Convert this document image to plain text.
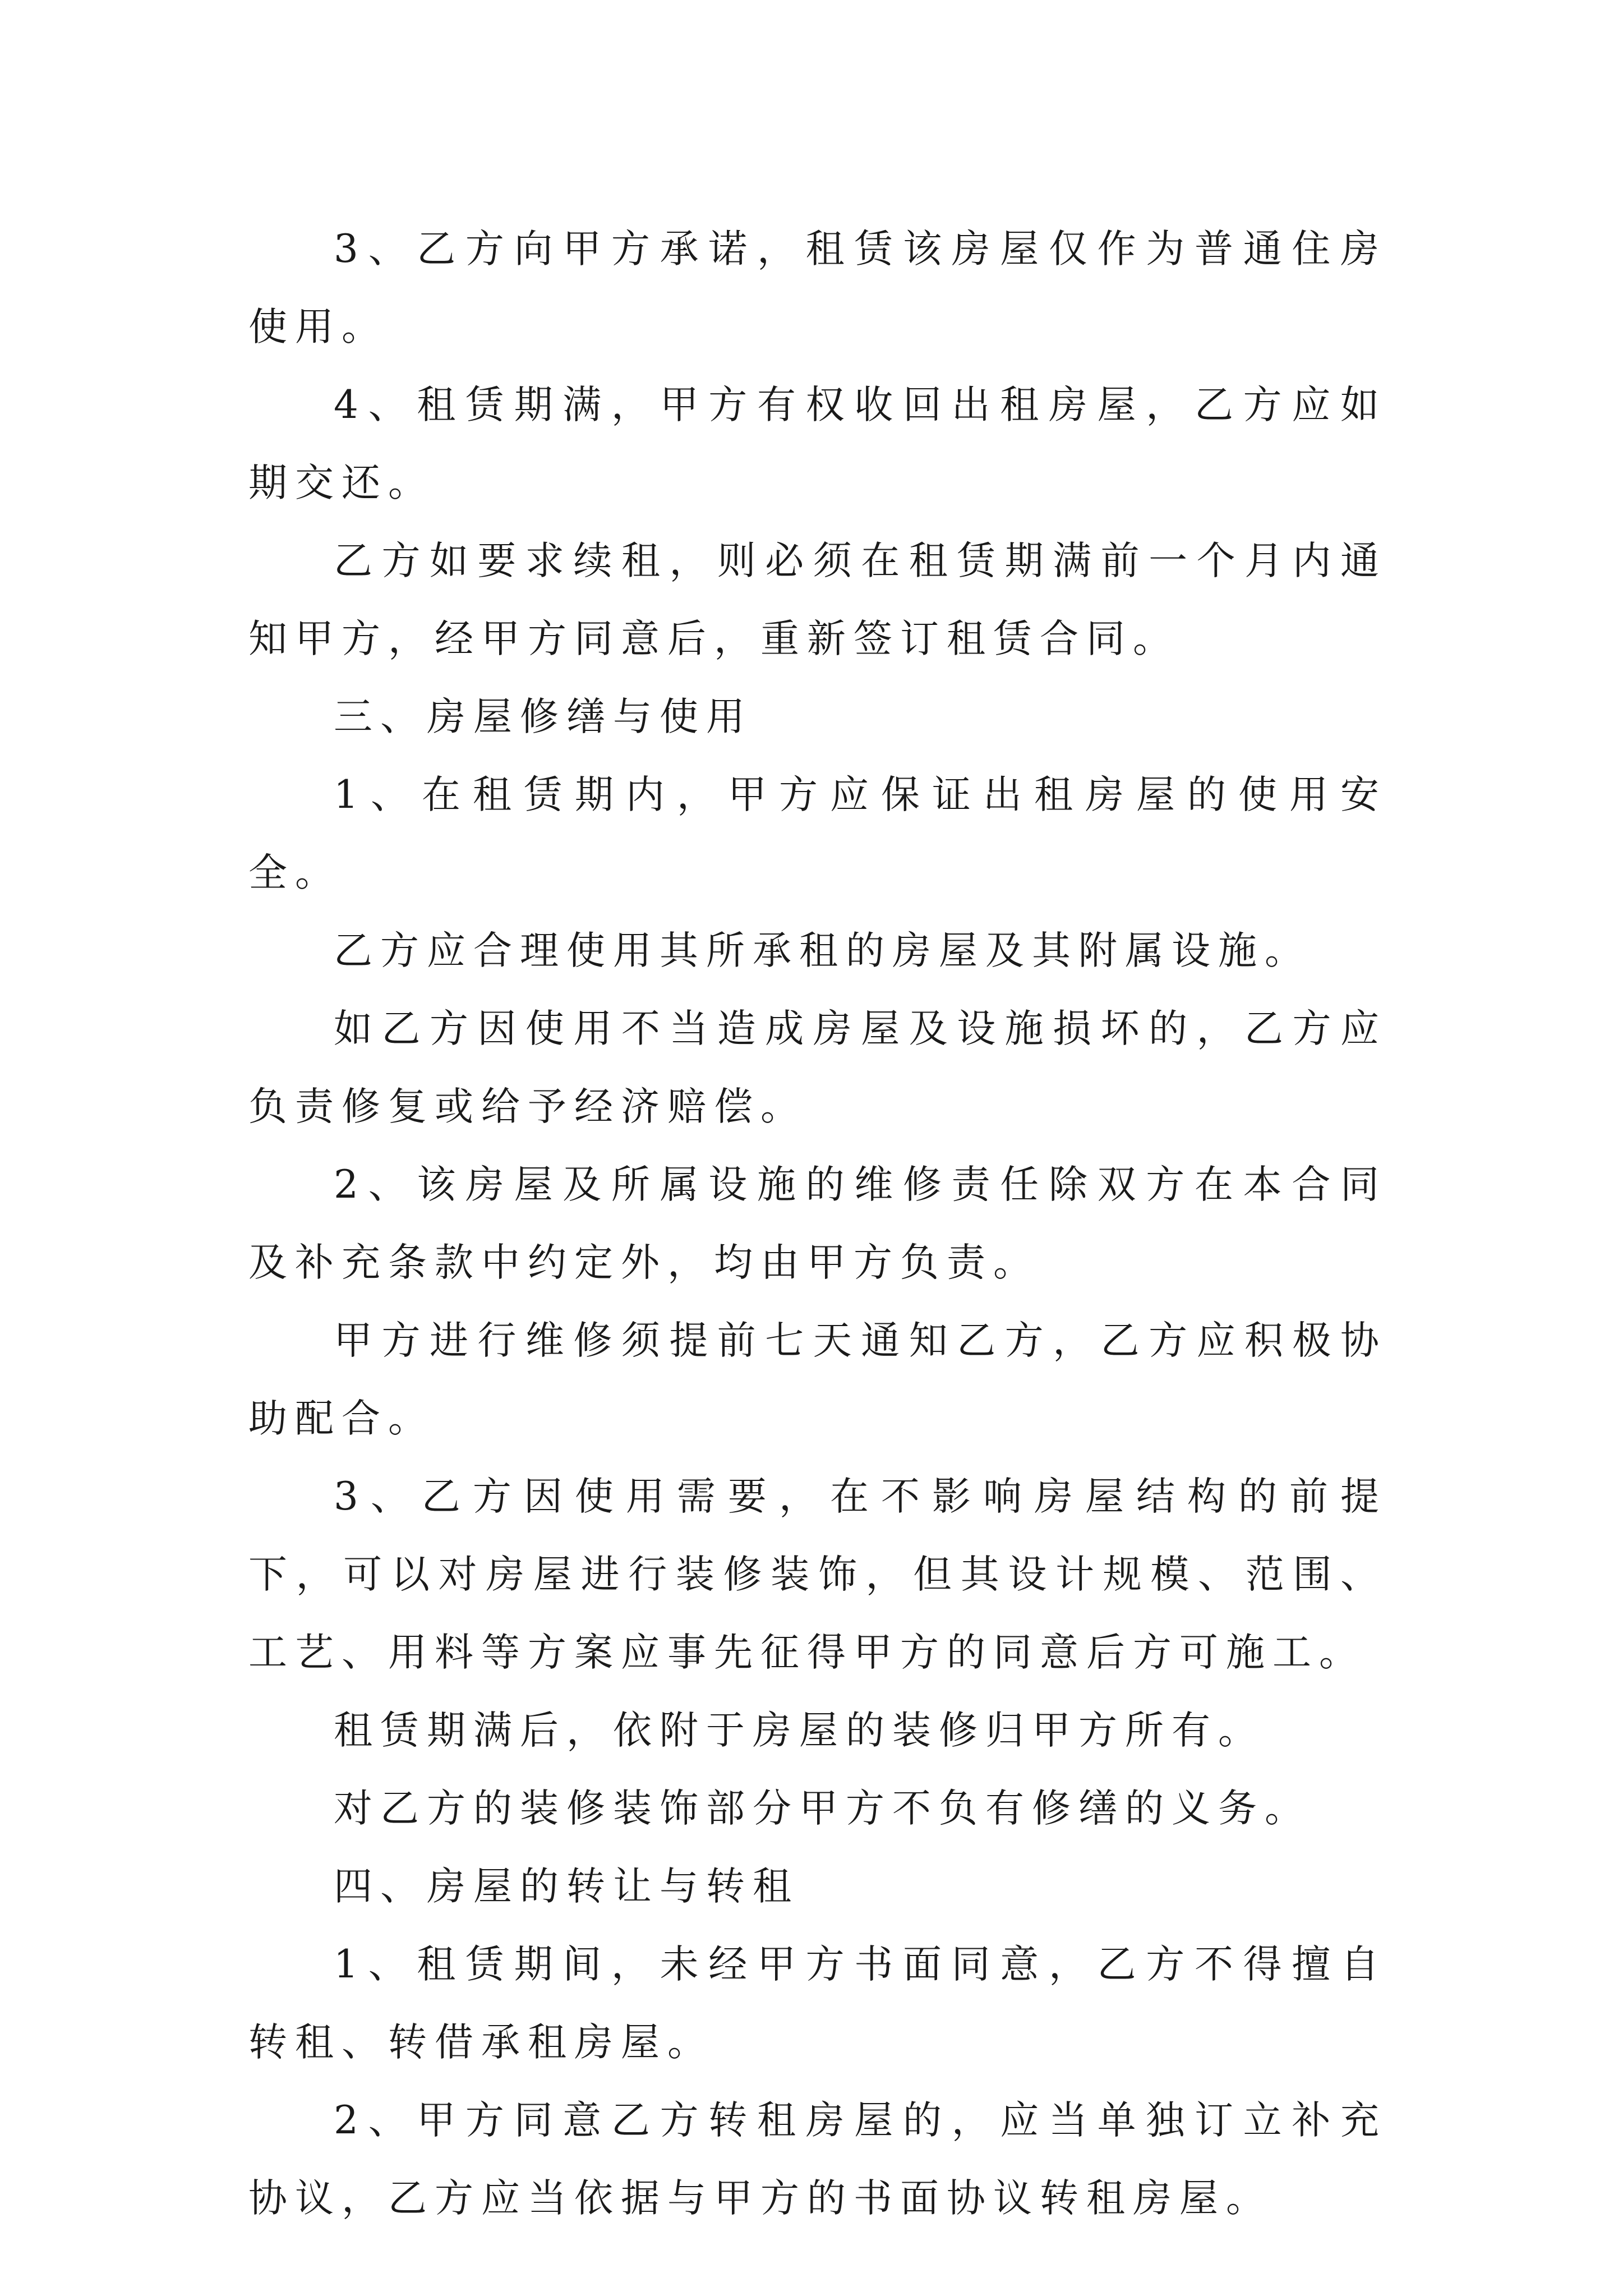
3、乙方向甲方承诺，租赁该房屋仅作为普通住房使用。

4、租赁期满，甲方有权收回出租房屋，乙方应如期交还。

乙方如要求续租，则必须在租赁期满前一个月内通知甲方，经甲方同意后，重新签订租赁合同。

三、房屋修缮与使用

1、在租赁期内，甲方应保证出租房屋的使用安全。

乙方应合理使用其所承租的房屋及其附属设施。

如乙方因使用不当造成房屋及设施损坏的，乙方应负责修复或给予经济赔偿。

2、该房屋及所属设施的维修责任除双方在本合同及补充条款中约定外，均由甲方负责。

甲方进行维修须提前七天通知乙方，乙方应积极协助配合。

3、乙方因使用需要，在不影响房屋结构的前提下，可以对房屋进行装修装饰，但其设计规模、范围、工艺、用料等方案应事先征得甲方的同意后方可施工。

租赁期满后，依附于房屋的装修归甲方所有。

对乙方的装修装饰部分甲方不负有修缮的义务。

四、房屋的转让与转租

1、租赁期间，未经甲方书面同意，乙方不得擅自转租、转借承租房屋。

2、甲方同意乙方转租房屋的，应当单独订立补充协议，乙方应当依据与甲方的书面协议转租房屋。
